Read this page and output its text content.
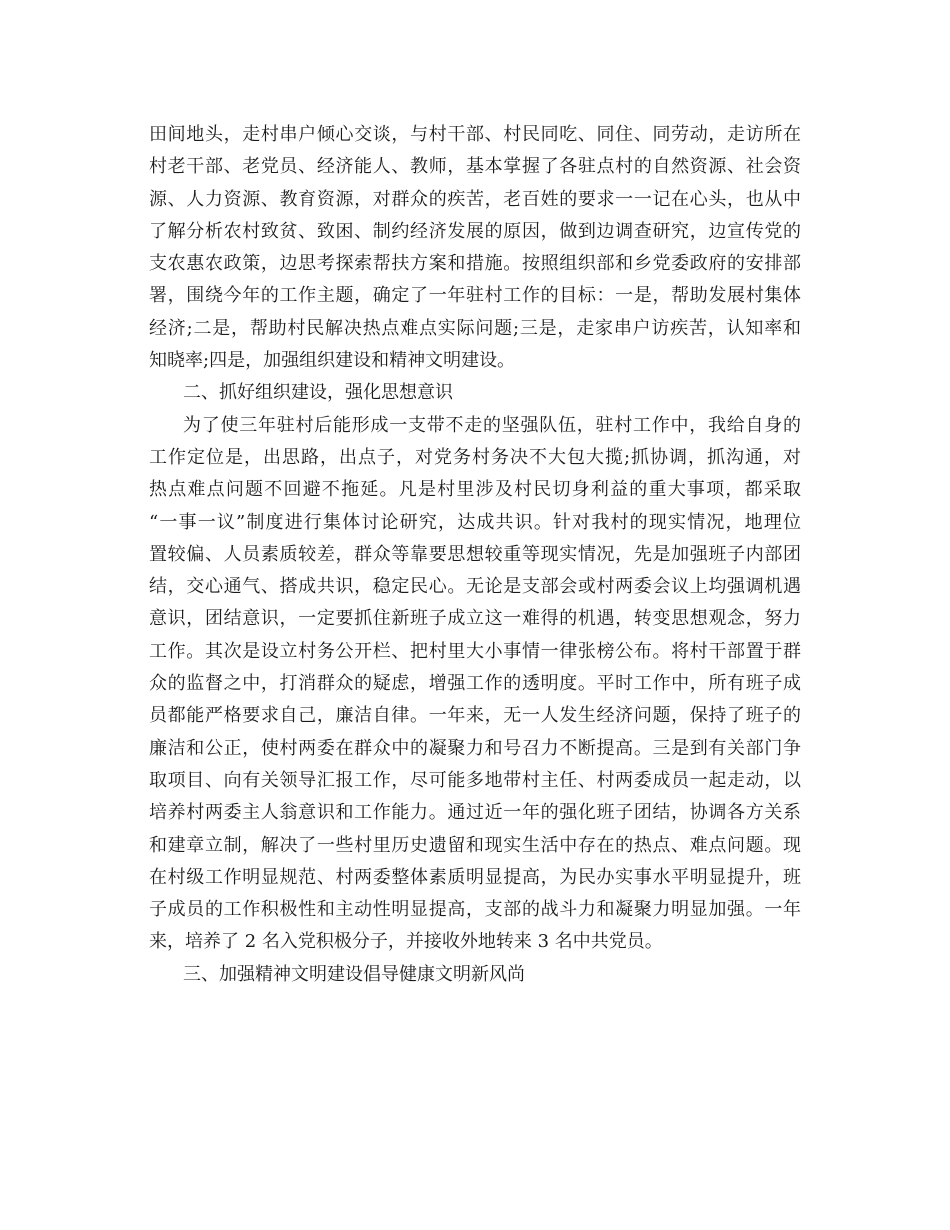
田间地头，走村串户倾心交谈，与村干部、村民同吃、同住、同劳动，走访所在
村老干部、老党员、经济能人、教师，基本掌握了各驻点村的自然资源、社会资
源、人力资源、教育资源，对群众的疾苦，老百姓的要求一一记在心头，也从中
了解分析农村致贫、致困、制约经济发展的原因，做到边调查研究，边宣传党的
支农惠农政策，边思考探索帮扶方案和措施。按照组织部和乡党委政府的安排部
署，围绕今年的工作主题，确定了一年驻村工作的目标：一是，帮助发展村集体
经济;二是，帮助村民解决热点难点实际问题;三是，走家串户访疾苦，认知率和
知晓率;四是，加强组织建设和精神文明建设。
二、抓好组织建设，强化思想意识
为了使三年驻村后能形成一支带不走的坚强队伍，驻村工作中，我给自身的
工作定位是，出思路，出点子，对党务村务决不大包大揽;抓协调，抓沟通，对
热点难点问题不回避不拖延。凡是村里涉及村民切身利益的重大事项，都采取
“一事一议”制度进行集体讨论研究，达成共识。针对我村的现实情况，地理位
置较偏、人员素质较差，群众等靠要思想较重等现实情况，先是加强班子内部团
结，交心通气、搭成共识，稳定民心。无论是支部会或村两委会议上均强调机遇
意识，团结意识，一定要抓住新班子成立这一难得的机遇，转变思想观念，努力
工作。其次是设立村务公开栏、把村里大小事情一律张榜公布。将村干部置于群
众的监督之中，打消群众的疑虑，增强工作的透明度。平时工作中，所有班子成
员都能严格要求自己，廉洁自律。一年来，无一人发生经济问题，保持了班子的
廉洁和公正，使村两委在群众中的凝聚力和号召力不断提高。三是到有关部门争
取项目、向有关领导汇报工作，尽可能多地带村主任、村两委成员一起走动，以
培养村两委主人翁意识和工作能力。通过近一年的强化班子团结，协调各方关系
和建章立制，解决了一些村里历史遗留和现实生活中存在的热点、难点问题。现
在村级工作明显规范、村两委整体素质明显提高，为民办实事水平明显提升，班
子成员的工作积极性和主动性明显提高，支部的战斗力和凝聚力明显加强。一年
来，培养了 2 名入党积极分子，并接收外地转来 3 名中共党员。
三、加强精神文明建设倡导健康文明新风尚
